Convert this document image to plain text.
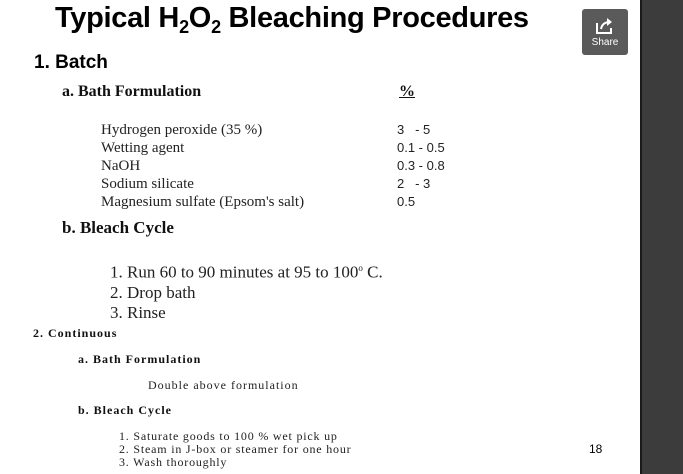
Typical $H_2O_2$ Bleaching Procedures
1. Batch
a. Bath Formulation	%
Hydrogen peroxide (35 %)
Wetting agent
NaOH
Sodium silicate
Magnesium sulfate (Epsom's salt)
3   - 5
0.1 - 0.5
0.3 - 0.8
2   - 3
0.5
b. Bleach Cycle
1. Run 60 to 90 minutes at 95 to 100$^o$ C.
2. Drop bath
3. Rinse
2. Continuous
a. Bath Formulation
Double above formulation
b. Bleach Cycle
1. Saturate goods to 100 % wet pick up
2. Steam in J-box or steamer for one hour
3. Wash thoroughly
18
Share
